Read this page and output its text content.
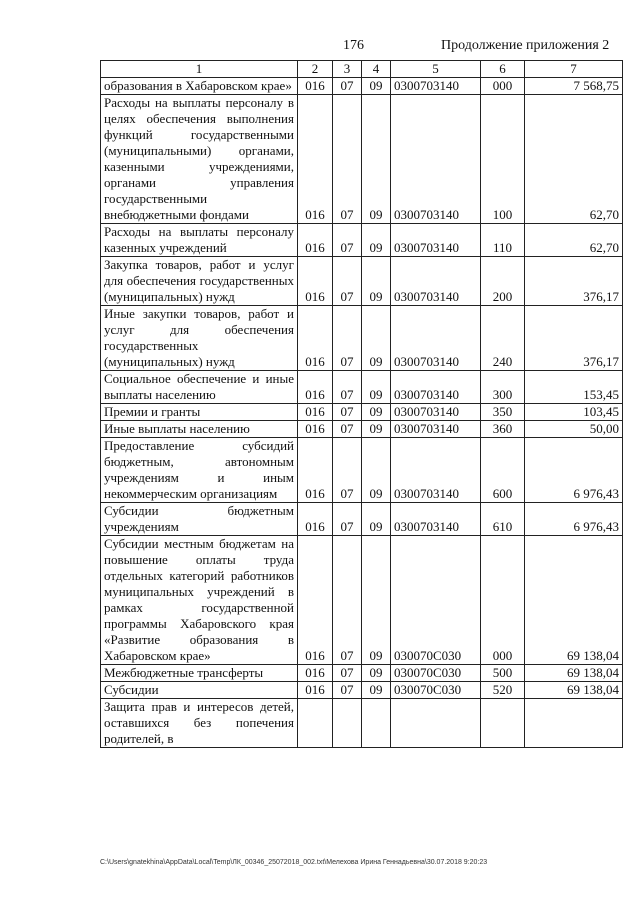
176	Продолжение приложения 2
1	2	3	4	5	6	7
образования в Хабаровском крае»	016	07	09	0300703140	000	7 568,75
Расходы на выплаты персоналу в целях обеспечения выполнения функций государственными (муниципальными) органами, казенными учреждениями, органами управления государственными внебюджетными фондами	016	07	09	0300703140	100	62,70
Расходы на выплаты персоналу казенных учреждений	016	07	09	0300703140	110	62,70
Закупка товаров, работ и услуг для обеспечения государственных (муниципальных) нужд	016	07	09	0300703140	200	376,17
Иные закупки товаров, работ и услуг для обеспечения государственных (муниципальных) нужд	016	07	09	0300703140	240	376,17
Социальное обеспечение и иные выплаты населению	016	07	09	0300703140	300	153,45
Премии и гранты	016	07	09	0300703140	350	103,45
Иные выплаты населению	016	07	09	0300703140	360	50,00
Предоставление субсидий бюджетным, автономным учреждениям и иным некоммерческим организациям	016	07	09	0300703140	600	6 976,43
Субсидии бюджетным учреждениям	016	07	09	0300703140	610	6 976,43
Субсидии местным бюджетам на повышение оплаты труда отдельных категорий работников муниципальных учреждений в рамках государственной программы Хабаровского края «Развитие образования в Хабаровском крае»	016	07	09	030070С030	000	69 138,04
Межбюджетные трансферты	016	07	09	030070С030	500	69 138,04
Субсидии	016	07	09	030070С030	520	69 138,04
Защита прав и интересов детей, оставшихся без попечения родителей, в						
C:\Users\gnatekhina\AppData\Local\Temp\ЛК_00346_25072018_002.txt\Мелехова Ирина Геннадьевна\30.07.2018 9:20:23
